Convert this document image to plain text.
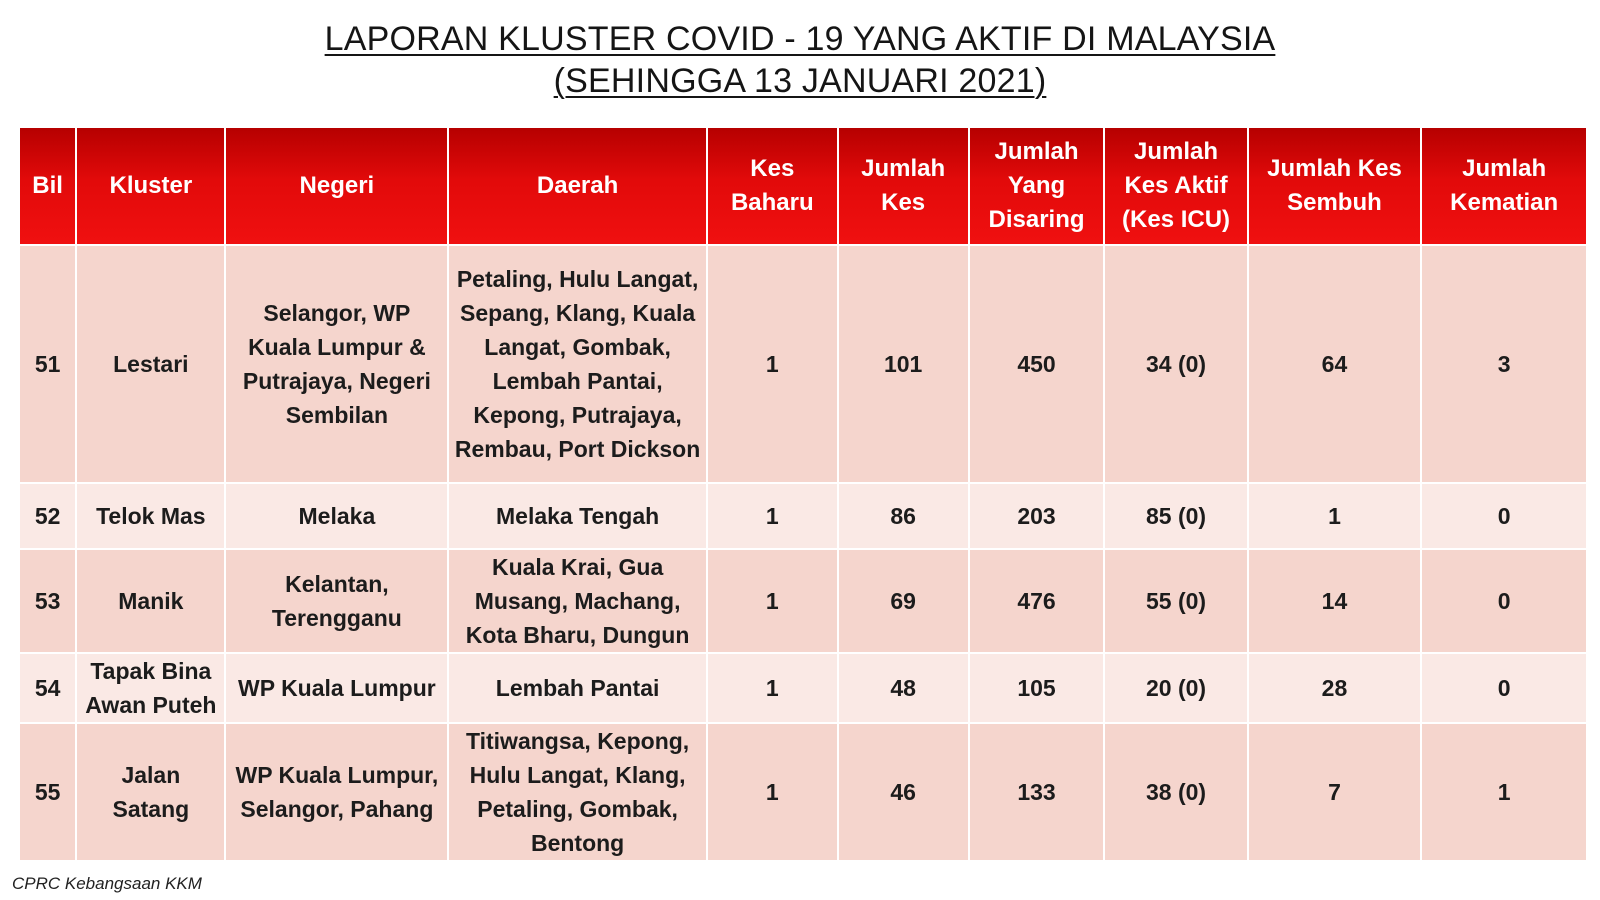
LAPORAN KLUSTER COVID - 19 YANG AKTIF DI MALAYSIA
(SEHINGGA 13 JANUARI 2021)
Bil	Kluster	Negeri	Daerah	Kes Baharu	Jumlah Kes	Jumlah Yang Disaring	Jumlah Kes Aktif (Kes ICU)	Jumlah Kes Sembuh	Jumlah Kematian
51	Lestari	Selangor, WP Kuala Lumpur & Putrajaya, Negeri Sembilan	Petaling, Hulu Langat, Sepang, Klang, Kuala Langat, Gombak, Lembah Pantai, Kepong, Putrajaya, Rembau, Port Dickson	1	101	450	34 (0)	64	3
52	Telok Mas	Melaka	Melaka Tengah	1	86	203	85 (0)	1	0
53	Manik	Kelantan, Terengganu	Kuala Krai, Gua Musang, Machang, Kota Bharu, Dungun	1	69	476	55 (0)	14	0
54	Tapak Bina Awan Puteh	WP Kuala Lumpur	Lembah Pantai	1	48	105	20 (0)	28	0
55	Jalan Satang	WP Kuala Lumpur, Selangor, Pahang	Titiwangsa, Kepong, Hulu Langat, Klang, Petaling, Gombak, Bentong	1	46	133	38 (0)	7	1
CPRC Kebangsaan KKM
